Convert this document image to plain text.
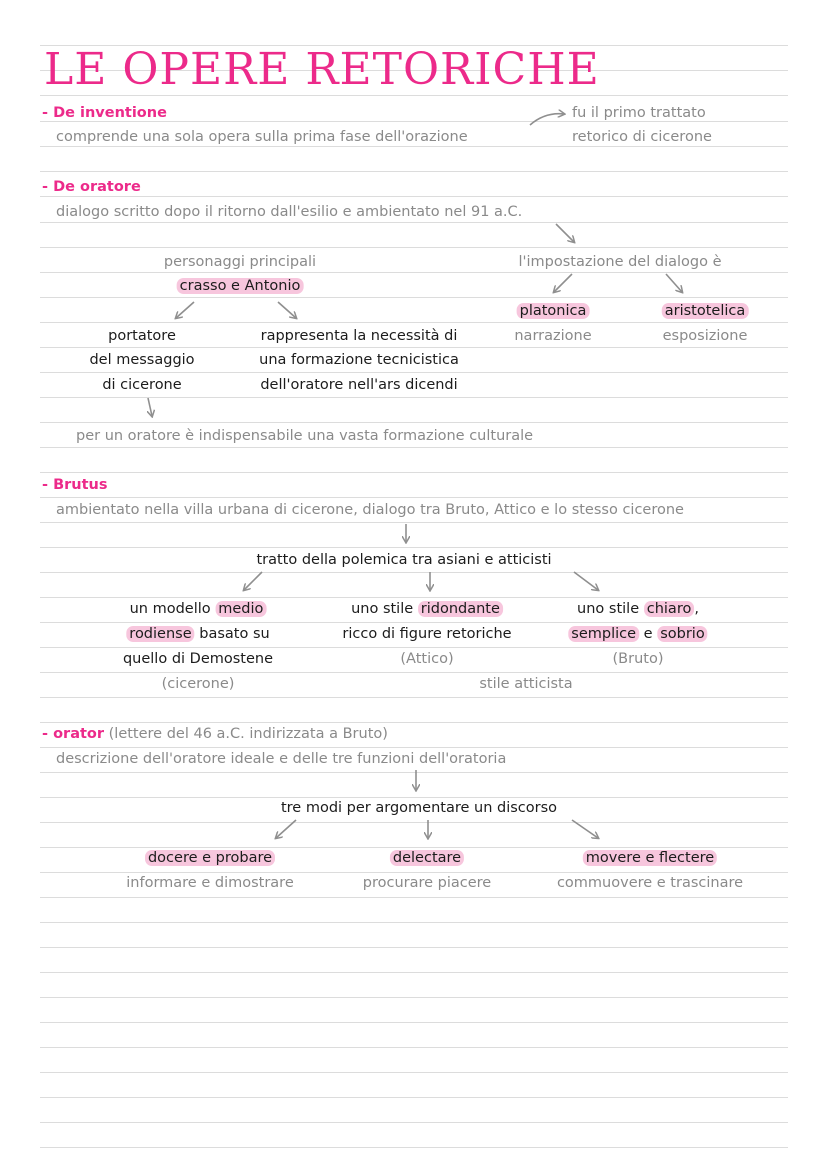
LE OPERE RETORICHE
- De inventione
comprende una sola opera sulla prima fase dell'orazione
fu il primo trattato
retorico di cicerone
- De oratore
dialogo scritto dopo il ritorno dall'esilio e ambientato nel 91 a.C.
personaggi principali
crasso e Antonio
portatore
del messaggio
di cicerone
rappresenta la necessità di
una formazione tecnicistica
dell'oratore nell'ars dicendi
l'impostazione del dialogo è
platonica	aristotelica
narrazione	esposizione
per un oratore è indispensabile una vasta formazione culturale
- Brutus
ambientato nella villa urbana di cicerone, dialogo tra Bruto, Attico e lo stesso cicerone
tratto della polemica tra asiani e atticisti
un modello medio
rodiense basato su
quello di Demostene
(cicerone)
uno stile ridondante
ricco di figure retoriche
(Attico)
uno stile chiaro ,
semplice e sobrio
(Bruto)
stile atticista
- orator (lettere del 46 a.C. indirizzata a Bruto)
descrizione dell'oratore ideale e delle tre funzioni dell'oratoria
tre modi per argomentare un discorso
docere e probare
informare e dimostrare
delectare
procurare piacere
movere e flectere
commuovere e trascinare
